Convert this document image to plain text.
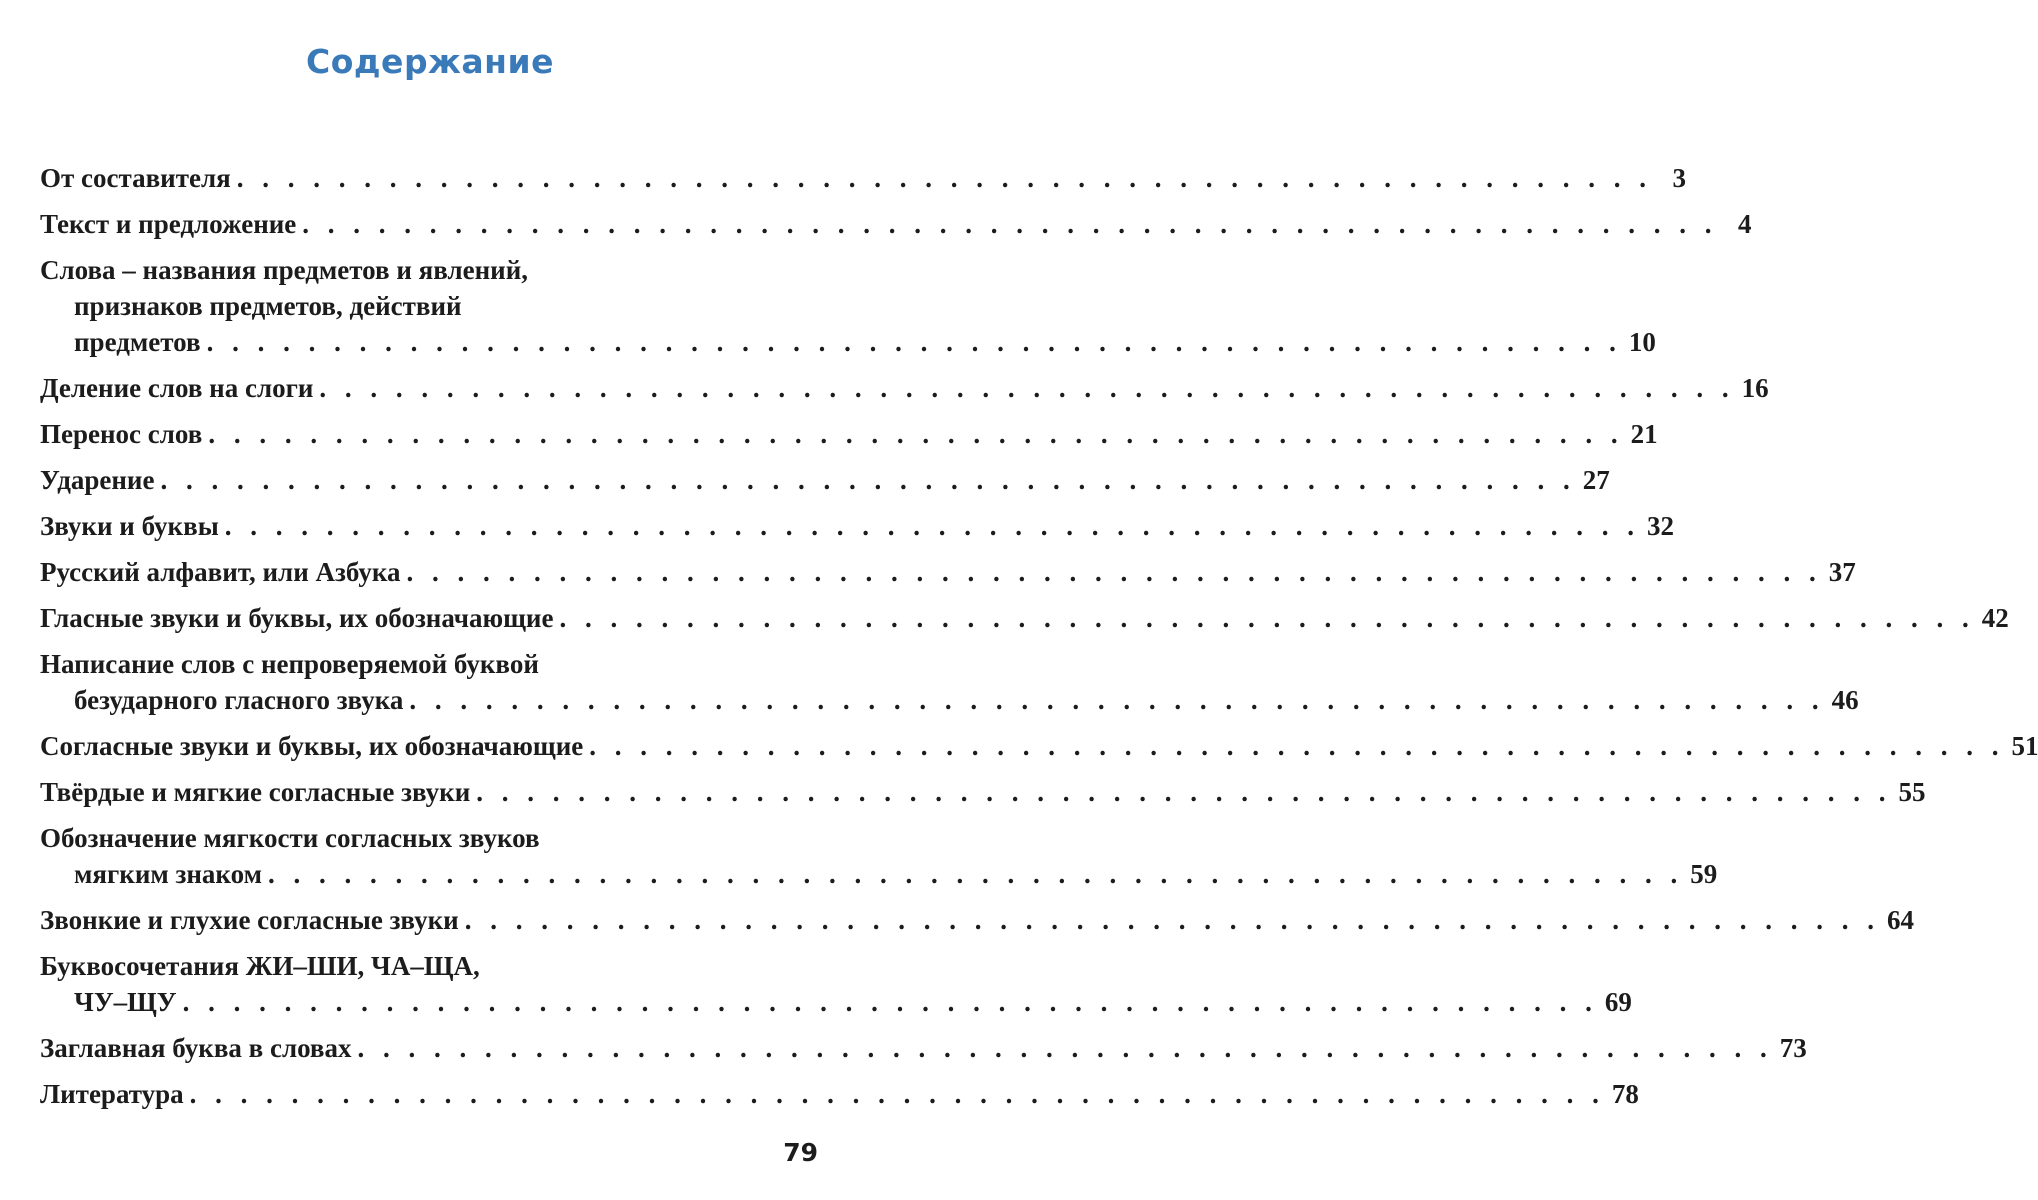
Содержание
От составителя . . . . . . . . . . . . . . . . . . . . . . . . . . . . . . . . . . . . . . . . . . . . . . . . . . . . . . . . 3
Текст и предложение . . . . . . . . . . . . . . . . . . . . . . . . . . . . . . . . . . . . . . . . . . . . . . . . . . . . . . . . 4
Слова – названия предметов и явлений,
признаков предметов, действий
предметов . . . . . . . . . . . . . . . . . . . . . . . . . . . . . . . . . . . . . . . . . . . . . . . . . . . . . . . . 10
Деление слов на слоги . . . . . . . . . . . . . . . . . . . . . . . . . . . . . . . . . . . . . . . . . . . . . . . . . . . . . . . . 16
Перенос слов . . . . . . . . . . . . . . . . . . . . . . . . . . . . . . . . . . . . . . . . . . . . . . . . . . . . . . . . 21
Ударение . . . . . . . . . . . . . . . . . . . . . . . . . . . . . . . . . . . . . . . . . . . . . . . . . . . . . . . . 27
Звуки и буквы . . . . . . . . . . . . . . . . . . . . . . . . . . . . . . . . . . . . . . . . . . . . . . . . . . . . . . . . 32
Русский алфавит, или Азбука . . . . . . . . . . . . . . . . . . . . . . . . . . . . . . . . . . . . . . . . . . . . . . . . . . . . . . . . 37
Гласные звуки и буквы, их обозначающие . . . . . . . . . . . . . . . . . . . . . . . . . . . . . . . . . . . . . . . . . . . . . . . . . . . . . . . . 42
Написание слов с непроверяемой буквой
безударного гласного звука . . . . . . . . . . . . . . . . . . . . . . . . . . . . . . . . . . . . . . . . . . . . . . . . . . . . . . . . 46
Согласные звуки и буквы, их обозначающие . . . . . . . . . . . . . . . . . . . . . . . . . . . . . . . . . . . . . . . . . . . . . . . . . . . . . . . . 51
Твёрдые и мягкие согласные звуки . . . . . . . . . . . . . . . . . . . . . . . . . . . . . . . . . . . . . . . . . . . . . . . . . . . . . . . . 55
Обозначение мягкости согласных звуков
мягким знаком . . . . . . . . . . . . . . . . . . . . . . . . . . . . . . . . . . . . . . . . . . . . . . . . . . . . . . . . 59
Звонкие и глухие согласные звуки . . . . . . . . . . . . . . . . . . . . . . . . . . . . . . . . . . . . . . . . . . . . . . . . . . . . . . . . 64
Буквосочетания ЖИ–ШИ, ЧА–ЩА,
ЧУ–ЩУ . . . . . . . . . . . . . . . . . . . . . . . . . . . . . . . . . . . . . . . . . . . . . . . . . . . . . . . . 69
Заглавная буква в словах . . . . . . . . . . . . . . . . . . . . . . . . . . . . . . . . . . . . . . . . . . . . . . . . . . . . . . . . 73
Литература . . . . . . . . . . . . . . . . . . . . . . . . . . . . . . . . . . . . . . . . . . . . . . . . . . . . . . . . 78
79
